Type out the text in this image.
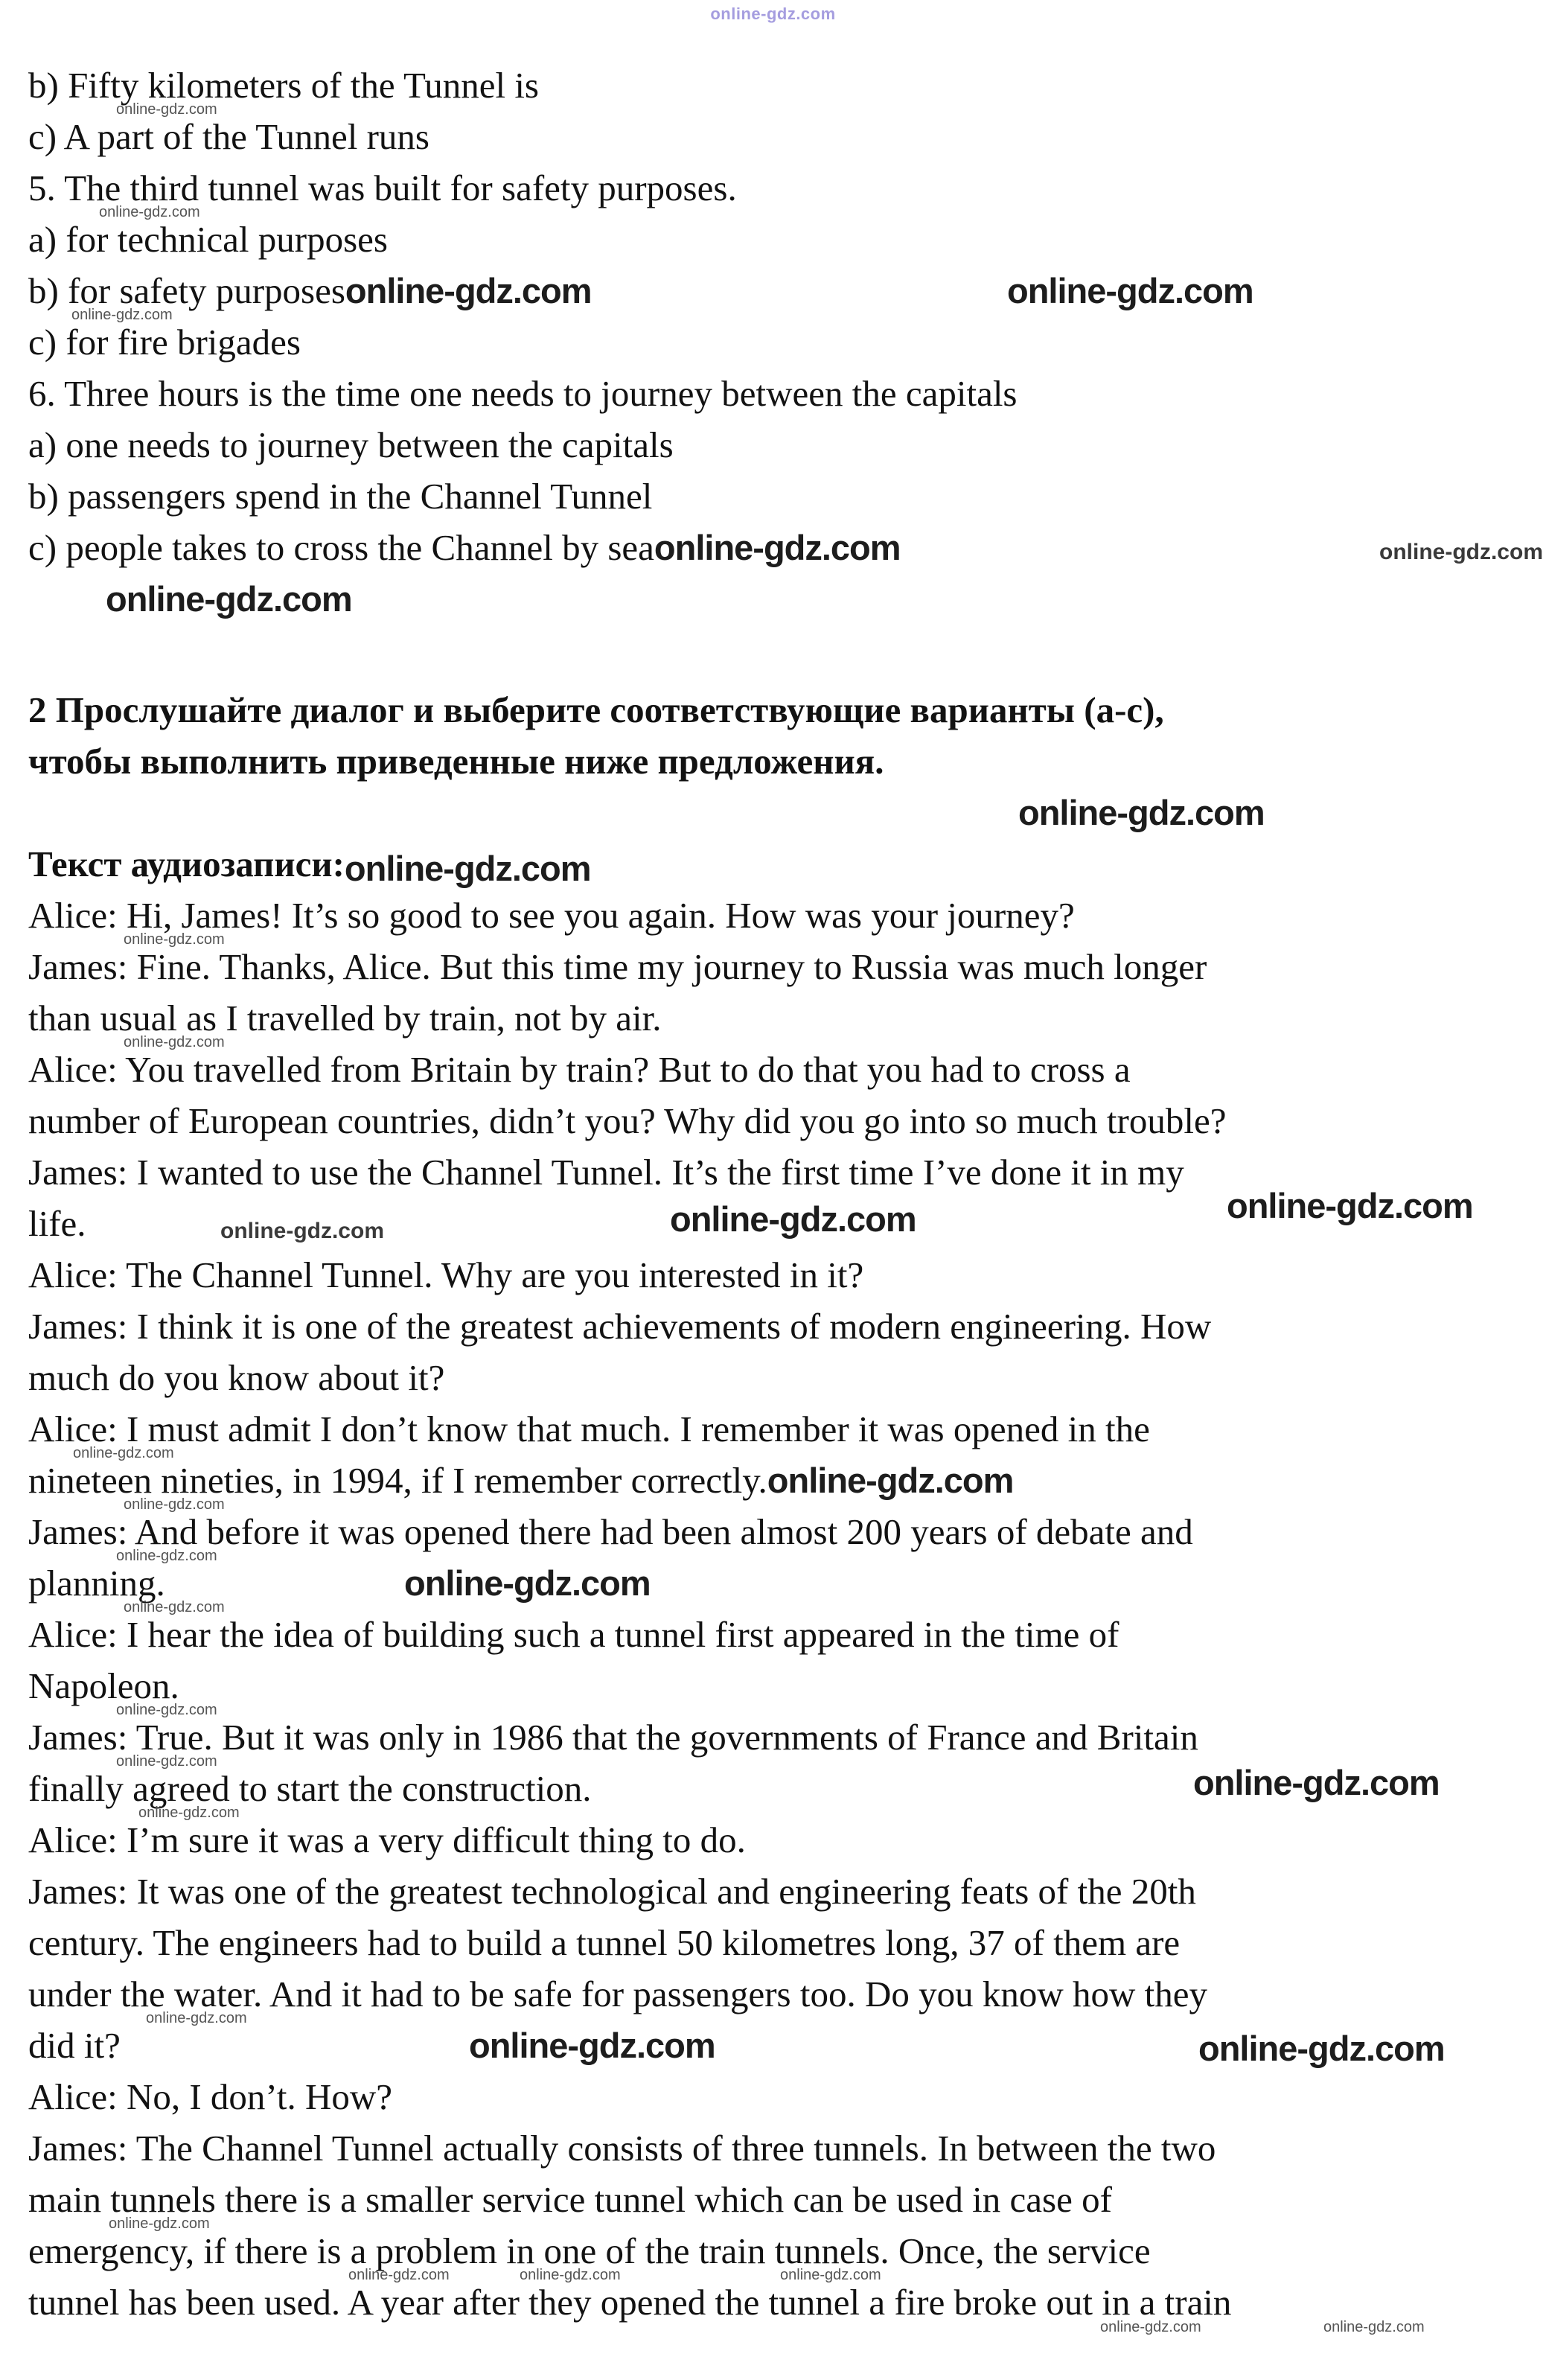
online-gdz.com
b) Fifty kilometers of the Tunnel is
online-gdz.com
c) A part of the Tunnel runs
5. The third tunnel was built for safety purposes.
online-gdz.com
a) for technical purposes
b) for safety purposesonline-gdz.com	online-gdz.com
online-gdz.com
c) for fire brigades
6. Three hours is the time one needs to journey between the capitals
a) one needs to journey between the capitals
b) passengers spend in the Channel Tunnel
c) people takes to cross the Channel by seaonline-gdz.com	online-gdz.com
online-gdz.com
2 Прослушайте диалог и выберите соответствующие варианты (a-c),
чтобы выполнить приведенные ниже предложения.
online-gdz.com
Текст аудиозаписи:online-gdz.com
Alice: Hi, James! It’s so good to see you again. How was your journey?
online-gdz.com
James: Fine. Thanks, Alice. But this time my journey to Russia was much longer
than usual as I travelled by train, not by air.
online-gdz.com
Alice: You travelled from Britain by train? But to do that you had to cross a
number of European countries, didn’t you? Why did you go into so much trouble?
James: I wanted to use the Channel Tunnel. It’s the first time I’ve done it in my
life.	online-gdz.com	online-gdz.com	online-gdz.com
Alice: The Channel Tunnel. Why are you interested in it?
James: I think it is one of the greatest achievements of modern engineering. How
much do you know about it?
Alice: I must admit I don’t know that much. I remember it was opened in the
online-gdz.com
nineteen nineties, in 1994, if I remember correctly.online-gdz.com
online-gdz.com
James: And before it was opened there had been almost 200 years of debate and
online-gdz.com
planning.	online-gdz.com
online-gdz.com
Alice: I hear the idea of building such a tunnel first appeared in the time of
Napoleon.
online-gdz.com
James: True. But it was only in 1986 that the governments of France and Britain
online-gdz.com
finally agreed to start the construction.	online-gdz.com
online-gdz.com
Alice: I’m sure it was a very difficult thing to do.
James: It was one of the greatest technological and engineering feats of the 20th
century. The engineers had to build a tunnel 50 kilometres long, 37 of them are
under the water. And it had to be safe for passengers too. Do you know how they
online-gdz.com
did it?	online-gdz.com	online-gdz.com
Alice: No, I don’t. How?
James: The Channel Tunnel actually consists of three tunnels. In between the two
main tunnels there is a smaller service tunnel which can be used in case of
online-gdz.com
emergency, if there is a problem in one of the train tunnels. Once, the service
online-gdz.com	online-gdz.com	online-gdz.com
online-gdz.com	online-gdz.com
tunnel has been used. A year after they opened the tunnel a fire broke out in a train
